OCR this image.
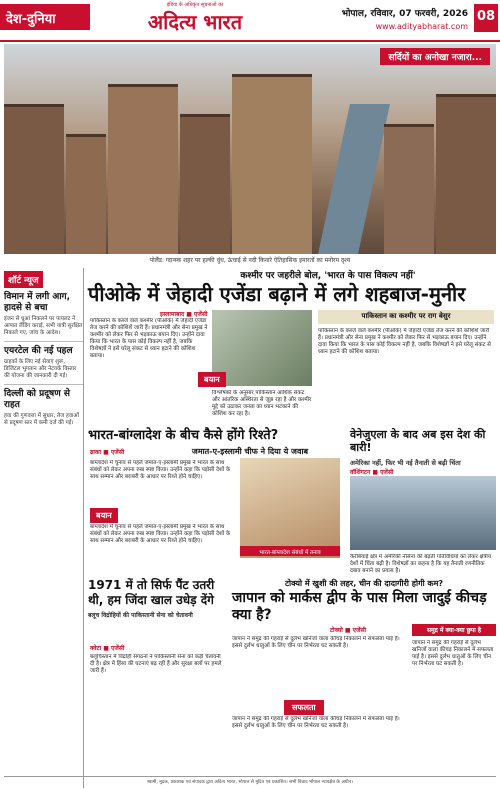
देश-दुनिया
इंडिया के अधिकृत सूचनाओं का
अदित्य भारत	भोपाल, रविवार, 07 फरवरी, 2026
www.adityabharat.com
08
सर्दियों का अनोखा नजारा...
पोलैंड: ग्दान्स्क शहर पर हल्की धुंध, ऊंचाई से नदी किनारे ऐतिहासिक इमारतों का मनोरम दृश्य
शॉर्ट न्यूज
विमान में लगी आग, हादसे से बचा
इंजन से धुआं निकलने पर पायलट ने आपात लैंडिंग कराई, सभी यात्री सुरक्षित निकाले गए, जांच के आदेश।
एयरटेल की नई पहल
ग्राहकों के लिए नई सेवाएं शुरू, डिजिटल भुगतान और नेटवर्क विस्तार की योजना की जानकारी दी गई।
दिल्ली को प्रदूषण से राहत
हवा की गुणवत्ता में सुधार, तेज हवाओं से प्रदूषण स्तर में कमी दर्ज की गई।
कश्मीर पर जहरीले बोल, 'भारत के पास विकल्प नहीं'
पीओके में जेहादी एजेंडा बढ़ाने में लगे शहबाज-मुनीर
इस्लामाबाद ■ एजेंसी
पाकिस्तान के कब्जे वाले कश्मीर (पीओके) में जेहादी एजेंडा तेज करने की कोशिशें जारी हैं। प्रधानमंत्री और सेना प्रमुख ने कश्मीर को लेकर फिर से भड़काऊ बयान दिए। उन्होंने दावा किया कि भारत के पास कोई विकल्प नहीं है, जबकि विशेषज्ञों ने इसे घरेलू संकट से ध्यान हटाने की कोशिश बताया।
बयान
विश्लेषकों के अनुसार पाकिस्तान आर्थिक संकट और आंतरिक अस्थिरता से जूझ रहा है और कश्मीर मुद्दे को उठाकर जनता का ध्यान भटकाने की कोशिश कर रहा है।
पाकिस्तान का कश्मीर पर राग बेसुर
पाकिस्तान के कब्जे वाले कश्मीर (पीओके) में जेहादी एजेंडा तेज करने की कोशिशें जारी हैं। प्रधानमंत्री और सेना प्रमुख ने कश्मीर को लेकर फिर से भड़काऊ बयान दिए। उन्होंने दावा किया कि भारत के पास कोई विकल्प नहीं है, जबकि विशेषज्ञों ने इसे घरेलू संकट से ध्यान हटाने की कोशिश बताया।
भारत-बांग्लादेश के बीच कैसे होंगे रिश्ते?
जमात-ए-इस्लामी चीफ ने दिया ये जवाब
ढाका ■ एजेंसी
बांग्लादेश में चुनाव से पहले जमात-ए-इस्लामी प्रमुख ने भारत के साथ संबंधों को लेकर अपना रुख स्पष्ट किया। उन्होंने कहा कि पड़ोसी देशों के साथ सम्मान और बराबरी के आधार पर रिश्ते होने चाहिए।
बयान
बांग्लादेश में चुनाव से पहले जमात-ए-इस्लामी प्रमुख ने भारत के साथ संबंधों को लेकर अपना रुख स्पष्ट किया। उन्होंने कहा कि पड़ोसी देशों के साथ सम्मान और बराबरी के आधार पर रिश्ते होने चाहिए।
भारत-बांग्लादेश संबंधों में तनाव
वेनेजुएला के बाद अब इस देश की बारी!
अमेरिका नहीं, फिर भी नई तैनाती से बढ़ी चिंता
वॉशिंगटन ■ एजेंसी
कैरेबियाई क्षेत्र में अमेरिकी नौसेना की बढ़ती गतिविधियों को लेकर क्षेत्रीय देशों में चिंता बढ़ी है। विशेषज्ञों का कहना है कि यह तैनाती रणनीतिक दबाव बनाने का प्रयास है।
1971 में तो सिर्फ पैंट उतरी थी, हम जिंदा खाल उधेड़ देंगे
बलूच विद्रोहियों की पाकिस्तानी सेना को चेतावनी
क्वेटा ■ एजेंसी
बलूचिस्तान में विद्रोही संगठनों ने पाकिस्तानी सेना को कड़ी चेतावनी दी है। क्षेत्र में हिंसा की घटनाएं बढ़ रही हैं और सुरक्षा बलों पर हमले जारी हैं।
टोक्यो में खुशी की लहर, चीन की दादागीरी होगी कम?
जापान को मार्कस द्वीप के पास मिला जादुई कीचड़ क्या है?
टोक्यो ■ एजेंसी
जापान ने समुद्र की गहराई से दुर्लभ खनिजों वाला कीचड़ निकालने में सफलता पाई है। इससे दुर्लभ धातुओं के लिए चीन पर निर्भरता घट सकती है।
सफलता
जापान ने समुद्र की गहराई से दुर्लभ खनिजों वाला कीचड़ निकालने में सफलता पाई है। इससे दुर्लभ धातुओं के लिए चीन पर निर्भरता घट सकती है।
समुद्र में क्या-क्या छुपा है
जापान ने समुद्र की गहराई से दुर्लभ खनिजों वाला कीचड़ निकालने में सफलता पाई है। इससे दुर्लभ धातुओं के लिए चीन पर निर्भरता घट सकती है।
स्वामी, मुद्रक, प्रकाशक एवं संपादक द्वारा अदित्य भारत, भोपाल से मुद्रित एवं प्रकाशित। सभी विवाद भोपाल न्यायक्षेत्र के अधीन।
